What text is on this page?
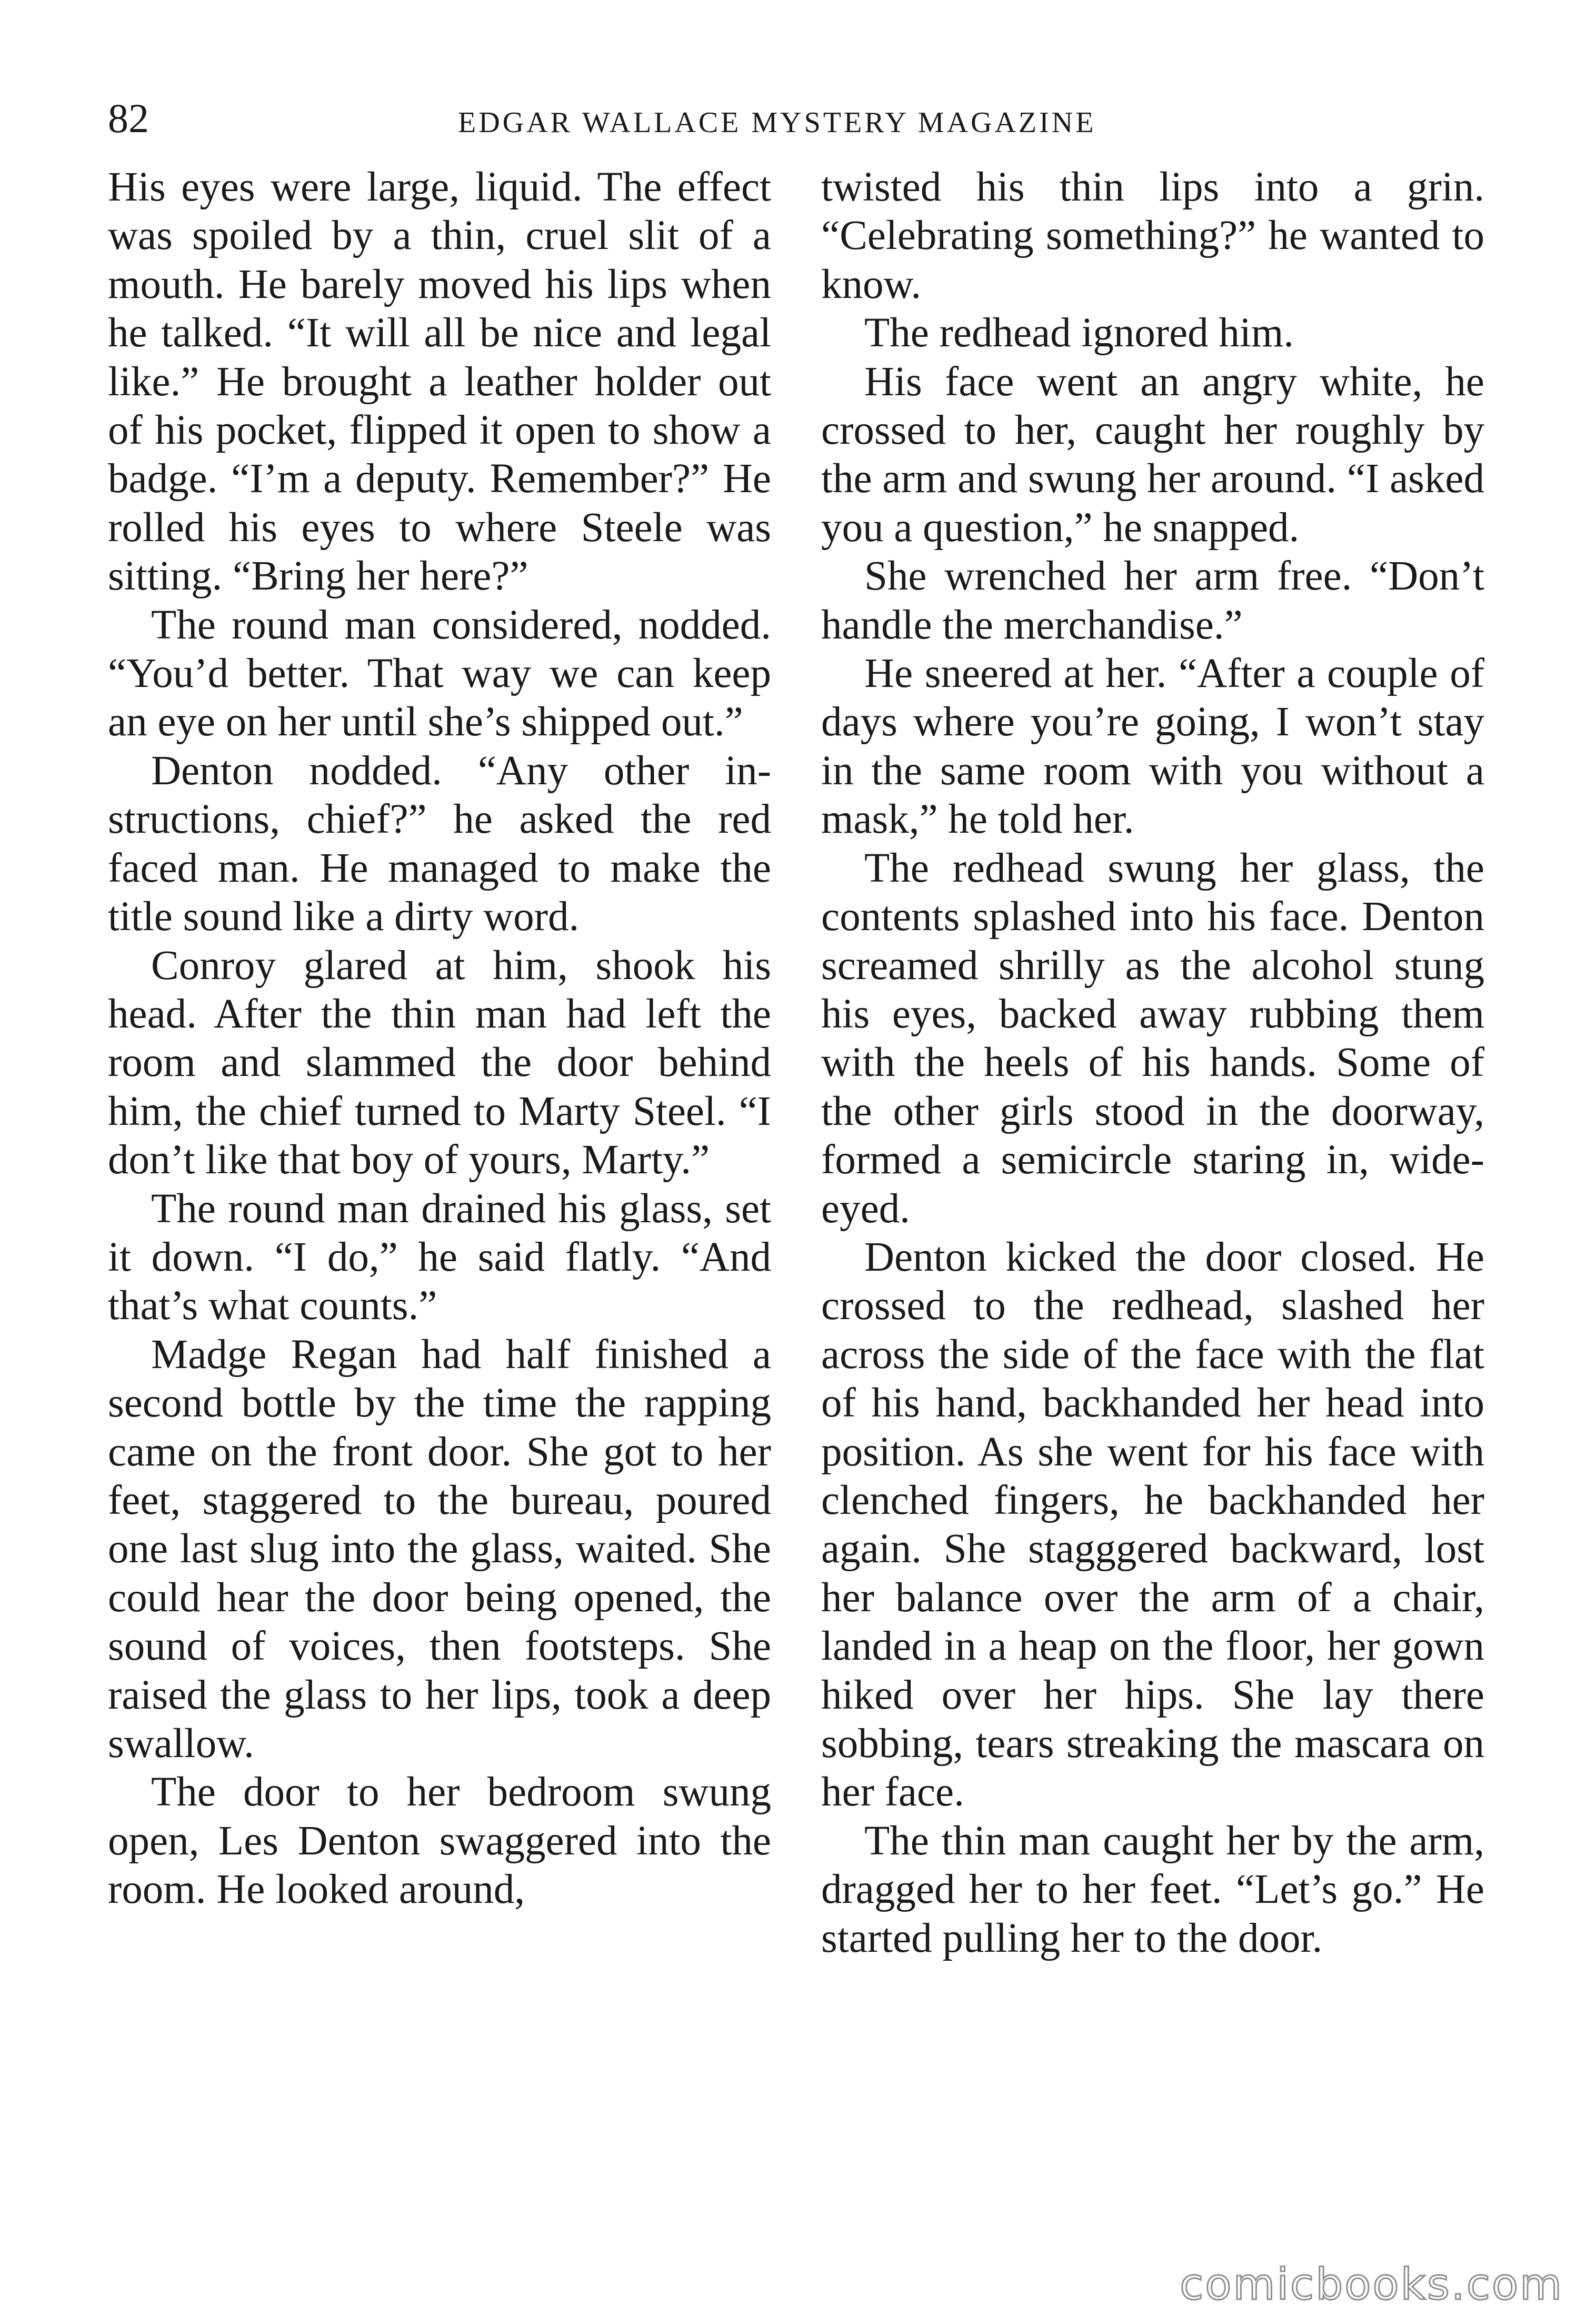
82	EDGAR WALLACE MYSTERY MAGAZINE

His eyes were large, liquid. The effect was spoiled by a thin, cruel slit of a mouth. He barely moved his lips when he talked. “It will all be nice and legal like.” He brought a leather holder out of his pocket, flipped it open to show a badge. “I’m a deputy. Remember?” He rolled his eyes to where Steele was sitting. “Bring her here?”

The round man considered, nodded. “You’d better. That way we can keep an eye on her until she’s shipped out.”

Denton nodded. “Any other instructions, chief?” he asked the red faced man. He managed to make the title sound like a dirty word.

Conroy glared at him, shook his head. After the thin man had left the room and slammed the door behind him, the chief turned to Marty Steel. “I don’t like that boy of yours, Marty.”

The round man drained his glass, set it down. “I do,” he said flatly. “And that’s what counts.”

Madge Regan had half finished a second bottle by the time the rapping came on the front door. She got to her feet, staggered to the bureau, poured one last slug into the glass, waited. She could hear the door being opened, the sound of voices, then footsteps. She raised the glass to her lips, took a deep swallow.

The door to her bedroom swung open, Les Denton swaggered into the room. He looked around,

twisted his thin lips into a grin. “Celebrating something?” he wanted to know.

The redhead ignored him.

His face went an angry white, he crossed to her, caught her roughly by the arm and swung her around. “I asked you a question,” he snapped.

She wrenched her arm free. “Don’t handle the merchandise.”

He sneered at her. “After a couple of days where you’re going, I won’t stay in the same room with you without a mask,” he told her.

The redhead swung her glass, the contents splashed into his face. Denton screamed shrilly as the alcohol stung his eyes, backed away rubbing them with the heels of his hands. Some of the other girls stood in the doorway, formed a semicircle staring in, wide-eyed.

Denton kicked the door closed. He crossed to the redhead, slashed her across the side of the face with the flat of his hand, backhanded her head into position. As she went for his face with clenched fingers, he backhanded her again. She stagggered backward, lost her balance over the arm of a chair, landed in a heap on the floor, her gown hiked over her hips. She lay there sobbing, tears streaking the mascara on her face.

The thin man caught her by the arm, dragged her to her feet. “Let’s go.” He started pulling her to the door.

comicbooks.com
